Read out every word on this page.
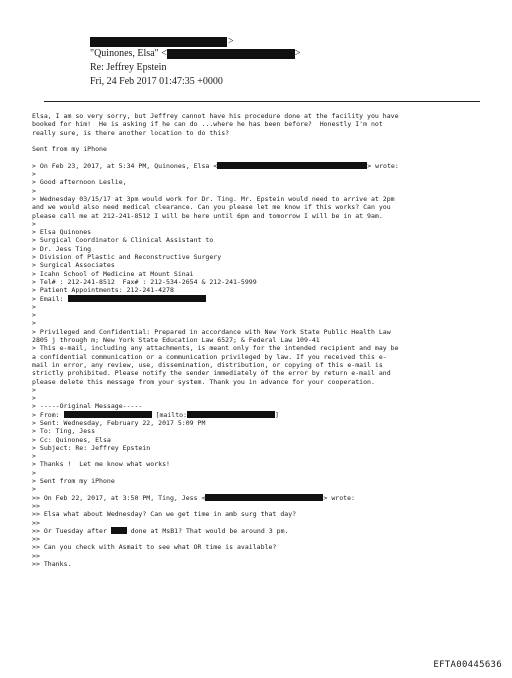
>
"Quinones, Elsa" <	>
Re: Jeffrey Epstein
Fri, 24 Feb 2017 01:47:35 +0000
Elsa, I am so very sorry, but Jeffrey cannot have his procedure done at the facility you have
booked for him!  He is asking if he can do ...where he has been before?  Honestly I'm not
really sure, is there another location to do this?
Sent from my iPhone
> On Feb 23, 2017, at 5:34 PM, Quinones, Elsa <	> wrote:
>
> Good afternoon Leslie,
>
> Wednesday 03/15/17 at 3pm would work for Dr. Ting. Mr. Epstein would need to arrive at 2pm
and we would also need medical clearance. Can you please let me know if this works? Can you
please call me at 212-241-8512 I will be here until 6pm and tomorrow I will be in at 9am.
>
> Elsa Quinones
> Surgical Coordinator & Clinical Assistant to
> Dr. Jess Ting
> Division of Plastic and Reconstructive Surgery
> Surgical Associates
> Icahn School of Medicine at Mount Sinai
> Tel# : 212-241-8512  Fax# : 212-534-2654 & 212-241-5999
> Patient Appointments: 212-241-4278
> Email:
>
>
>
> Privileged and Confidential: Prepared in accordance with New York State Public Health Law
2805 j through m; New York State Education Law 6527; & Federal Law 109-41
> This e-mail, including any attachments, is meant only for the intended recipient and may be
a confidential communication or a communication privileged by law. If you received this e-
mail in error, any review, use, dissemination, distribution, or copying of this e-mail is
strictly prohibited. Please notify the sender immediately of the error by return e-mail and
please delete this message from your system. Thank you in advance for your cooperation.
>
>
> -----Original Message-----
> From:	[mailto:	]
> Sent: Wednesday, February 22, 2017 5:09 PM
> To: Ting, Jess
> Cc: Quinones, Elsa
> Subject: Re: Jeffrey Epstein
>
> Thanks !  Let me know what works!
>
> Sent from my iPhone
>
>> On Feb 22, 2017, at 3:50 PM, Ting, Jess <	> wrote:
>>
>> Elsa what about Wednesday? Can we get time in amb surg that day?
>>
>> Or Tuesday after	done at MsB1? That would be around 3 pm.
>>
>> Can you check with Asmait to see what OR time is available?
>>
>> Thanks.
EFTA00445636
